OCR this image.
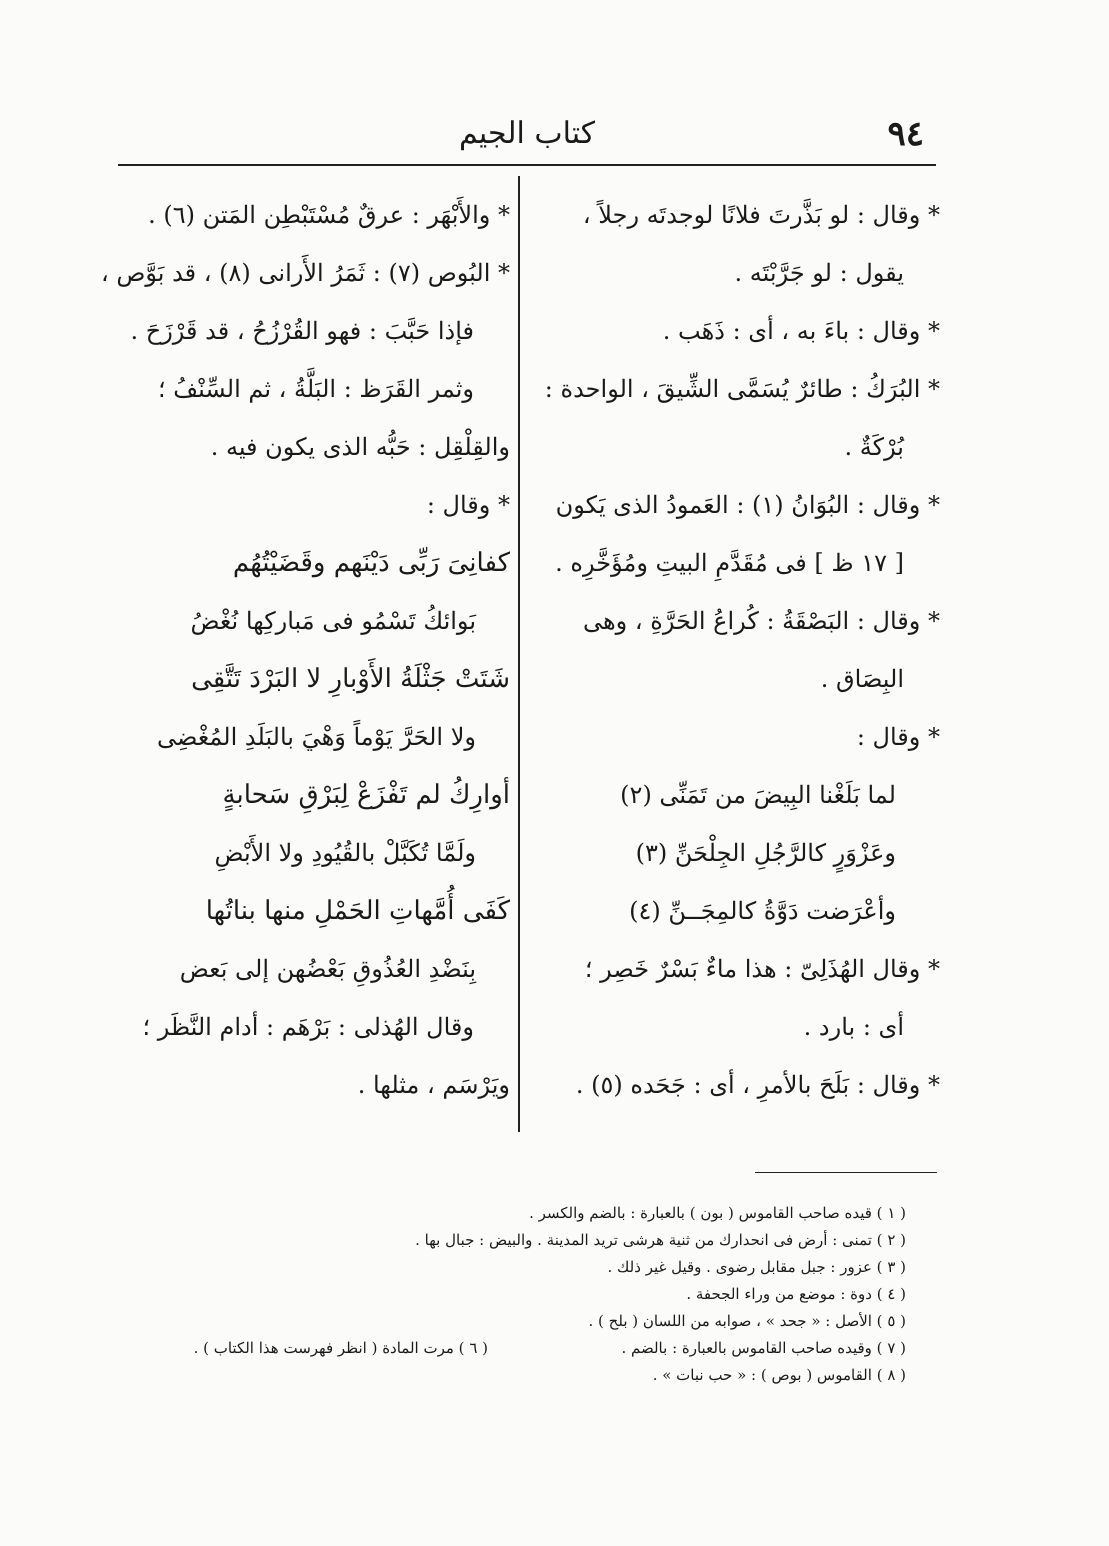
٩٤
كتاب الجيم
* وقال : لو بَذَّرتَ فلانًا لوجدتَه رجلاً ،
يقول : لو جَرَّبْتَه .
* وقال : باءَ به ، أى : ذَهَب .
* البُرَكُ : طائرٌ يُسَمَّى الشِّيقَ ، الواحدة :
بُرْكَةٌ .
* وقال : البُوَانُ (١) : العَمودُ الذى يَكون
[ ١٧ ظ ] فى مُقَدَّمِ البيتِ ومُؤَخَّرِه .
* وقال : البَصْقَةُ : كُراعُ الحَرَّةِ ، وهى
البِصَاق .
* وقال :
لما بَلَغْنا البِيضَ من تَمَنِّى (٢)
وعَزْوَرٍ كالرَّجُلِ الجِلْحَنِّ (٣)
وأعْرَضت دَوَّةُ كالمِجَــنِّ (٤)
* وقال الهُذَلِىّ : هذا ماءٌ بَسْرٌ خَصِر ؛
أى : بارد .
* وقال : بَلَحَ بالأمرِ ، أى : جَحَده (٥) .
* والأَبْهَر : عرقٌ مُسْتَبْطِن المَتن (٦) .
* البُوص (٧) : ثَمَرُ الأَرانى (٨) ، قد بَوَّص ،
فإذا حَبَّبَ : فهو القُرْزُحُ ، قد قَرْزَحَ .
وثمر القَرَظ : البَلَّةُ ، ثم السِّنْفُ ؛
والقِلْقِل : حَبُّه الذى يكون فيه .
* وقال :
كفانِىَ رَبِّى دَيْنَهم وقَضَيْتُهُم
بَوائكُ تَسْمُو فى مَباركِها نُغْضُ
شَتَتْ جَثْلَةُ الأَوْبارِ لا البَرْدَ تَتَّقِى
ولا الحَرَّ يَوْماً وَهْيَ بالبَلَدِ المُغْضِى
أوارِكُ لم تَفْزَعْ لِبَرْقِ سَحابةٍ
ولَمَّا تُكَبَّلْ بالقُيُودِ ولا الأَبْضِ
كَفَى أُمَّهاتِ الحَمْلِ منها بناتُها
بِنَضْدِ العُذُوقِ بَعْضُهن إلى بَعض
وقال الهُذلى : بَرْهَم : أدام النَّظَر ؛
ويَرْسَم ، مثلها .
( ١ ) قيده صاحب القاموس ( بون ) بالعبارة : بالضم والكسر .
( ٢ ) تمنى : أرض فى انحدارك من ثنية هرشى تريد المدينة . والبيض : جبال بها .
( ٣ ) عزور : جبل مقابل رضوى . وقيل غير ذلك .
( ٤ ) دوة : موضع من وراء الجحفة .
( ٥ ) الأصل : « جحد » ، صوابه من اللسان ( بلح ) .
( ٧ ) وقيده صاحب القاموس بالعبارة : بالضم .
( ٨ ) القاموس ( بوص ) : « حب نبات » .
( ٦ ) مرت المادة ( انظر فهرست هذا الكتاب ) .
